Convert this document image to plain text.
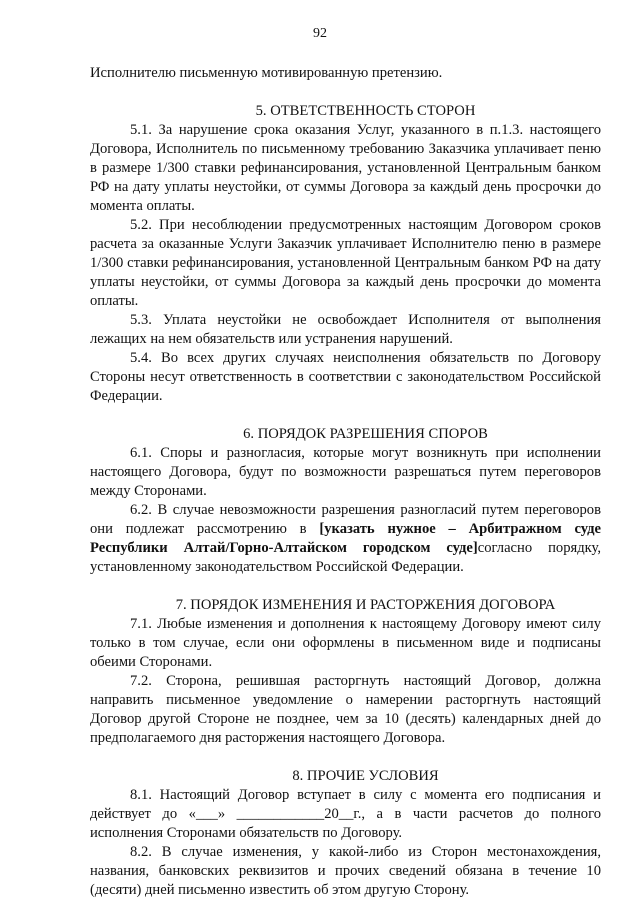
92

Исполнителю письменную мотивированную претензию.

5. ОТВЕТСТВЕННОСТЬ СТОРОН

5.1. За нарушение срока оказания Услуг, указанного в п.1.3. настоящего Договора, Исполнитель по письменному требованию Заказчика уплачивает пеню в размере 1/300 ставки рефинансирования, установленной Центральным банком РФ на дату уплаты неустойки, от суммы Договора за каждый день просрочки до момента оплаты.

5.2. При несоблюдении предусмотренных настоящим Договором сроков расчета за оказанные Услуги Заказчик уплачивает Исполнителю пеню в размере 1/300 ставки рефинансирования, установленной Центральным банком РФ на дату уплаты неустойки, от суммы Договора за каждый день просрочки до момента оплаты.

5.3. Уплата неустойки не освобождает Исполнителя от выполнения лежащих на нем обязательств или устранения нарушений.

5.4. Во всех других случаях неисполнения обязательств по Договору Стороны несут ответственность в соответствии с законодательством Российской Федерации.

6. ПОРЯДОК РАЗРЕШЕНИЯ СПОРОВ

6.1. Споры и разногласия, которые могут возникнуть при исполнении настоящего Договора, будут по возможности разрешаться путем переговоров между Сторонами.

6.2. В случае невозможности разрешения разногласий путем переговоров они подлежат рассмотрению в [указать нужное – Арбитражном суде Республики Алтай/Горно-Алтайском городском суде]согласно порядку, установленному законодательством Российской Федерации.

7. ПОРЯДОК ИЗМЕНЕНИЯ И РАСТОРЖЕНИЯ ДОГОВОРА

7.1. Любые изменения и дополнения к настоящему Договору имеют силу только в том случае, если они оформлены в письменном виде и подписаны обеими Сторонами.

7.2. Сторона, решившая расторгнуть настоящий Договор, должна направить письменное уведомление о намерении расторгнуть настоящий Договор другой Стороне не позднее, чем за 10 (десять) календарных дней до предполагаемого дня расторжения настоящего Договора.

8. ПРОЧИЕ УСЛОВИЯ

8.1. Настоящий Договор вступает в силу с момента его подписания и действует до «___» ____________20__г., а в части расчетов до полного исполнения Сторонами обязательств по Договору.

8.2. В случае изменения, у какой-либо из Сторон местонахождения, названия, банковских реквизитов и прочих сведений обязана в течение 10 (десяти) дней письменно известить об этом другую Сторону.
